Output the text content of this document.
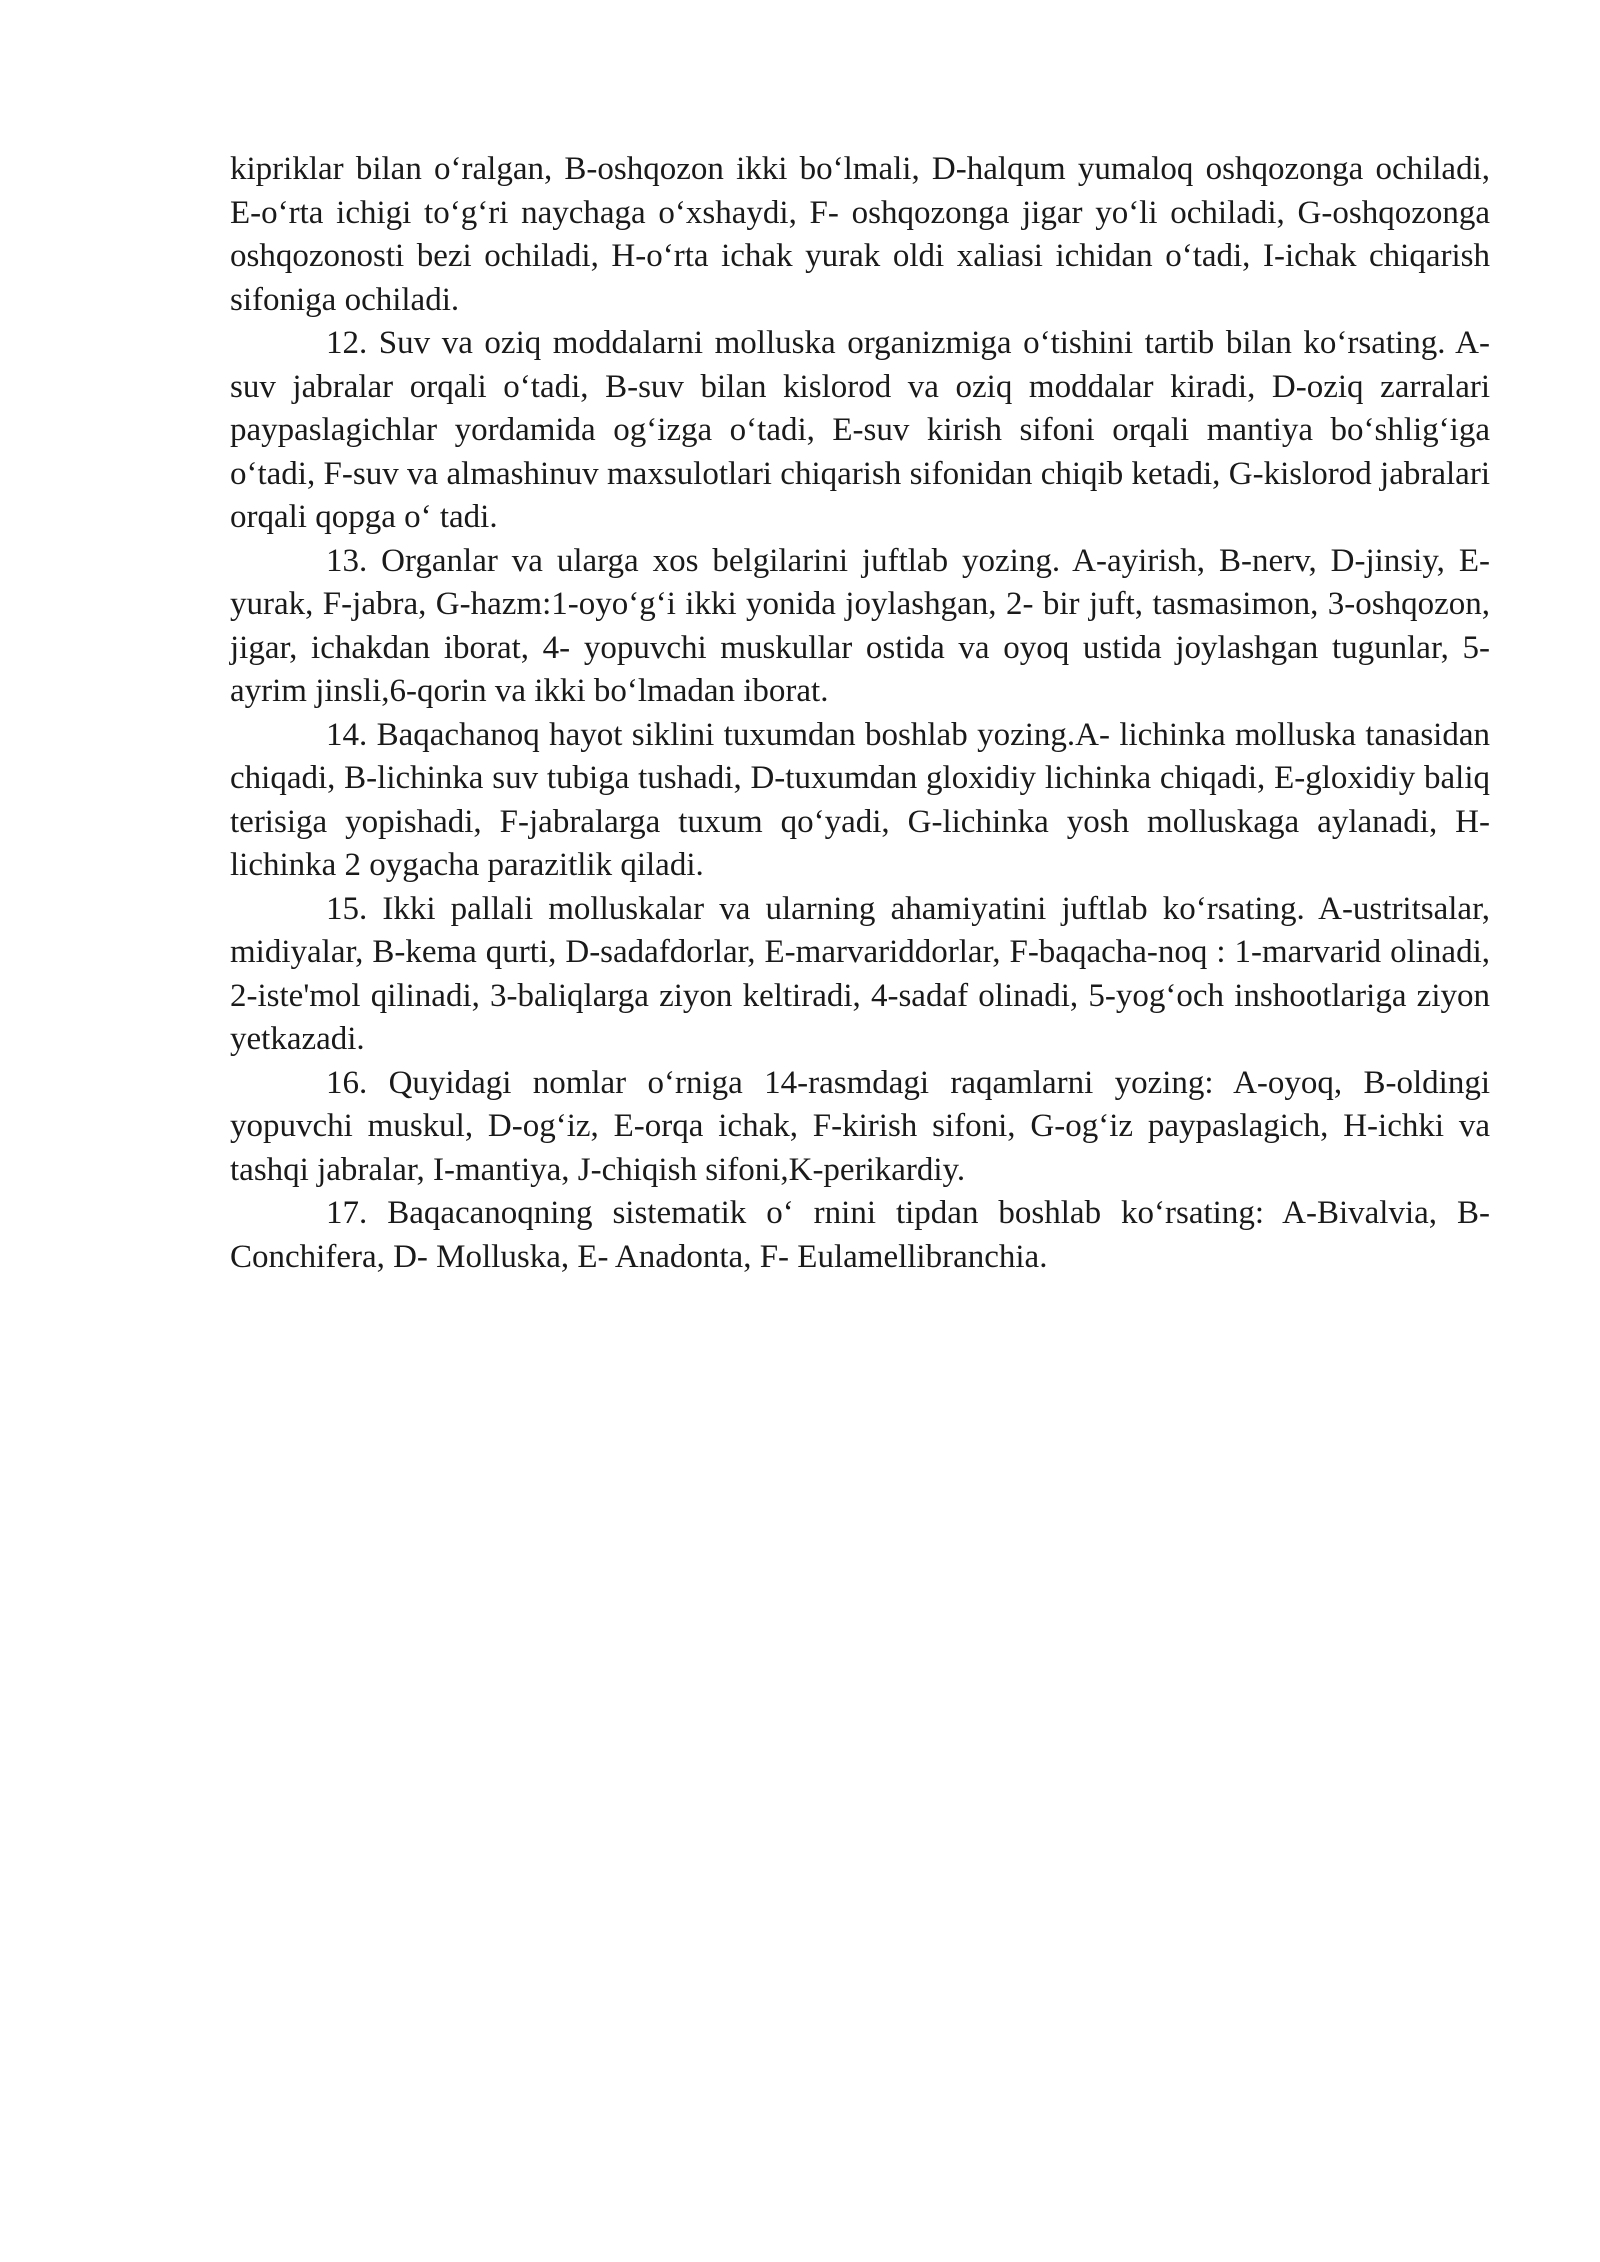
kipriklar bilan o‘ralgan, B-oshqozon ikki bo‘lmali, D-halqum yumaloq oshqozonga ochiladi, E-o‘rta ichigi to‘g‘ri naychaga o‘xshaydi, F- oshqozonga jigar yo‘li ochiladi, G-oshqozonga oshqozonosti bezi ochiladi, H-o‘rta ichak yurak oldi xaliasi ichidan o‘tadi, I-ichak chiqarish sifoniga ochiladi.

12. Suv va oziq moddalarni molluska organizmiga o‘tishini tartib bilan ko‘rsating. A-suv jabralar orqali o‘tadi, B-suv bilan kislorod va oziq moddalar kiradi, D-oziq zarralari paypaslagichlar yordamida og‘izga o‘tadi, E-suv kirish sifoni orqali mantiya bo‘shlig‘iga o‘tadi, F-suv va almashinuv maxsulotlari chiqarish sifonidan chiqib ketadi, G-kislorod jabralari orqali qopga o‘ tadi.

13. Organlar va ularga xos belgilarini juftlab yozing. A-ayirish, B-nerv, D-jinsiy, E-yurak, F-jabra, G-hazm:1-oyo‘g‘i ikki yonida joylashgan, 2- bir juft, tasmasimon, 3-oshqozon, jigar, ichakdan iborat, 4- yopuvchi muskullar ostida va oyoq ustida joylashgan tugunlar, 5-ayrim jinsli,6-qorin va ikki bo‘lmadan iborat.

14. Baqachanoq hayot siklini tuxumdan boshlab yozing.A- lichinka molluska tanasidan chiqadi, B-lichinka suv tubiga tushadi, D-tuxumdan gloxidiy lichinka chiqadi, E-gloxidiy baliq terisiga yopishadi, F-jabralarga tuxum qo‘yadi, G-lichinka yosh molluskaga aylanadi, H- lichinka 2 oygacha parazitlik qiladi.

15. Ikki pallali molluskalar va ularning ahamiyatini juftlab ko‘rsating. A-ustritsalar, midiyalar, B-kema qurti, D-sadafdorlar, E-marvariddorlar, F-baqacha-noq : 1-marvarid olinadi, 2-iste'mol qilinadi, 3-baliqlarga ziyon keltiradi, 4-sadaf olinadi, 5-yog‘och inshootlariga ziyon yetkazadi.

16. Quyidagi nomlar o‘rniga 14-rasmdagi raqamlarni yozing: A-oyoq, B-oldingi yopuvchi muskul, D-og‘iz, E-orqa ichak, F-kirish sifoni, G-og‘iz paypaslagich, H-ichki va tashqi jabralar, I-mantiya, J-chiqish sifoni,K-perikardiy.

17. Baqacanoqning sistematik o‘ rnini tipdan boshlab ko‘rsating: A-Bivalvia, B- Conchifera, D- Molluska, E- Anadonta, F- Eulamellibranchia.
